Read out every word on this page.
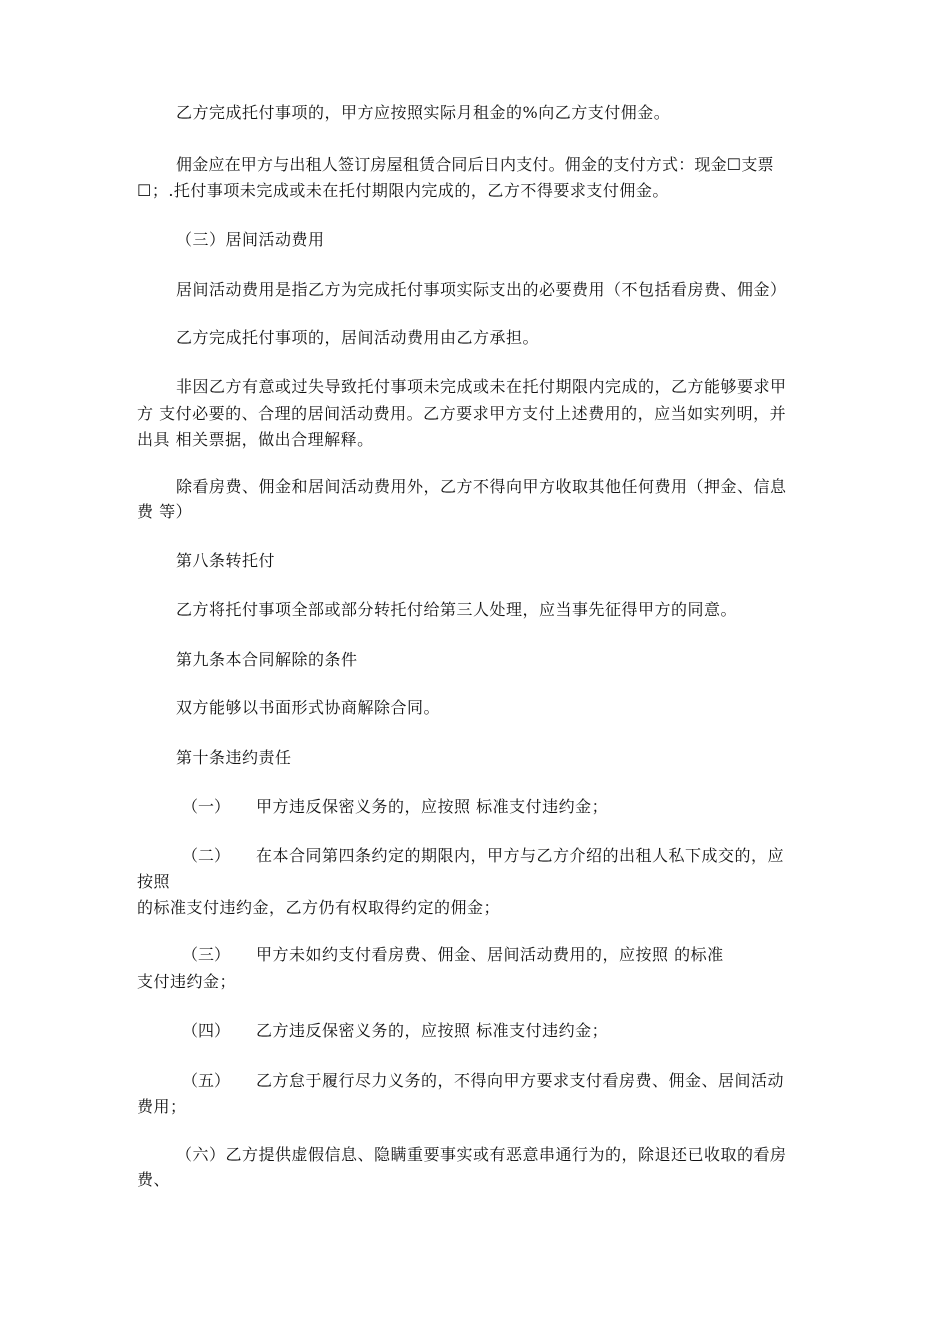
乙方完成托付事项的，甲方应按照实际月租金的%向乙方支付佣金。
佣金应在甲方与出租人签订房屋租赁合同后日内支付。佣金的支付方式：现金☐支票
☐；.托付事项未完成或未在托付期限内完成的，乙方不得要求支付佣金。
（三）居间活动费用
居间活动费用是指乙方为完成托付事项实际支出的必要费用（不包括看房费、佣金）
乙方完成托付事项的，居间活动费用由乙方承担。
非因乙方有意或过失导致托付事项未完成或未在托付期限内完成的，乙方能够要求甲
方 支付必要的、合理的居间活动费用。乙方要求甲方支付上述费用的，应当如实列明，并
出具 相关票据，做出合理解释。
除看房费、佣金和居间活动费用外，乙方不得向甲方收取其他任何费用（押金、信息
费 等）
第八条转托付
乙方将托付事项全部或部分转托付给第三人处理，应当事先征得甲方的同意。
第九条本合同解除的条件
双方能够以书面形式协商解除合同。
第十条违约责任
（一） 甲方违反保密义务的，应按照 标准支付违约金；
（二） 在本合同第四条约定的期限内，甲方与乙方介绍的出租人私下成交的，应
按照
的标准支付违约金，乙方仍有权取得约定的佣金；
（三） 甲方未如约支付看房费、佣金、居间活动费用的，应按照 的标准
支付违约金；
（四） 乙方违反保密义务的，应按照 标准支付违约金；
（五） 乙方怠于履行尽力义务的，不得向甲方要求支付看房费、佣金、居间活动
费用；
（六）乙方提供虚假信息、隐瞒重要事实或有恶意串通行为的，除退还已收取的看房
费、
